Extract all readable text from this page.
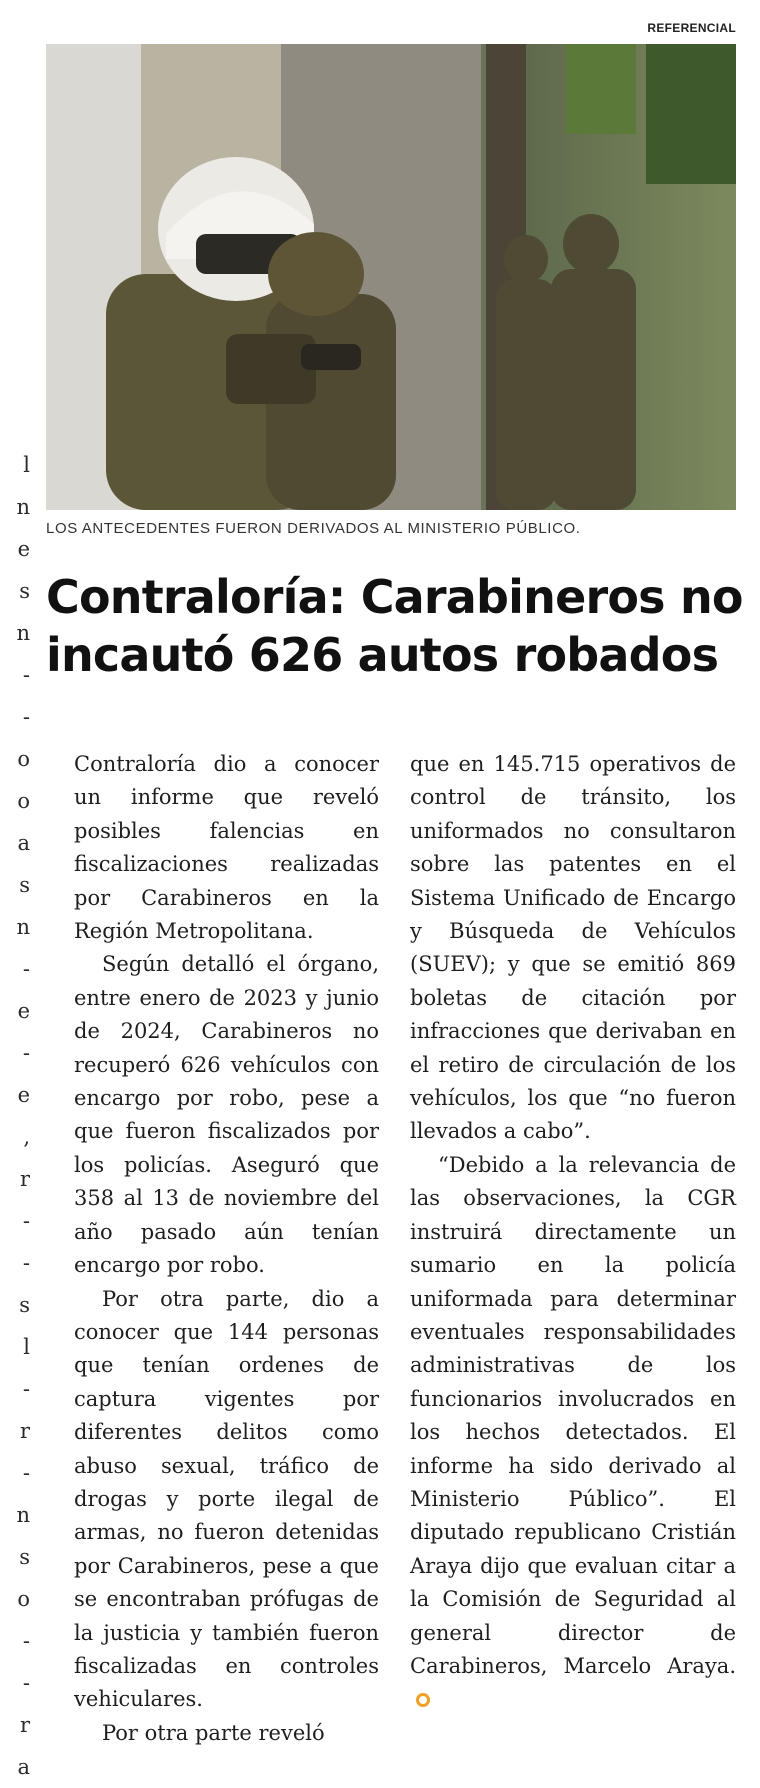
l
n
e
s
n
-
-
o
o
a
s
n
-
e
-
e
,
r
-
-
s
l
-
r
-
n
s
o
-
-
r
a
REFERENCIAL
LOS ANTECEDENTES FUERON DERIVADOS AL MINISTERIO PÚBLICO.
Contraloría: Carabineros no incautó 626 autos robados

Contraloría dio a conocer un informe que reveló posibles falencias en fiscalizaciones realizadas por Carabineros en la Región Metropolitana.

Según detalló el órgano, entre enero de 2023 y junio de 2024, Carabineros no recuperó 626 vehículos con encargo por robo, pese a que fueron fiscalizados por los policías. Aseguró que 358 al 13 de noviembre del año pasado aún tenían encargo por robo.

Por otra parte, dio a conocer que 144 personas que tenían ordenes de captura vigentes por diferentes delitos como abuso sexual, tráfico de drogas y porte ilegal de armas, no fueron detenidas por Carabineros, pese a que se encontraban prófugas de la justicia y también fueron fiscalizadas en controles vehiculares.

Por otra parte reveló

que en 145.715 operativos de control de tránsito, los uniformados no consultaron sobre las patentes en el Sistema Unificado de Encargo y Búsqueda de Vehículos (SUEV); y que se emitió 869 boletas de citación por infracciones que derivaban en el retiro de circulación de los vehículos, los que “no fueron llevados a cabo”.

“Debido a la relevancia de las observaciones, la CGR instruirá directamente un sumario en la policía uniformada para determinar eventuales responsabilidades administrativas de los funcionarios involucrados en los hechos detectados. El informe ha sido derivado al Ministerio Público”. El diputado republicano Cristián Araya dijo que evaluan citar a la Comisión de Seguridad al general director de Carabineros, Marcelo Araya.
